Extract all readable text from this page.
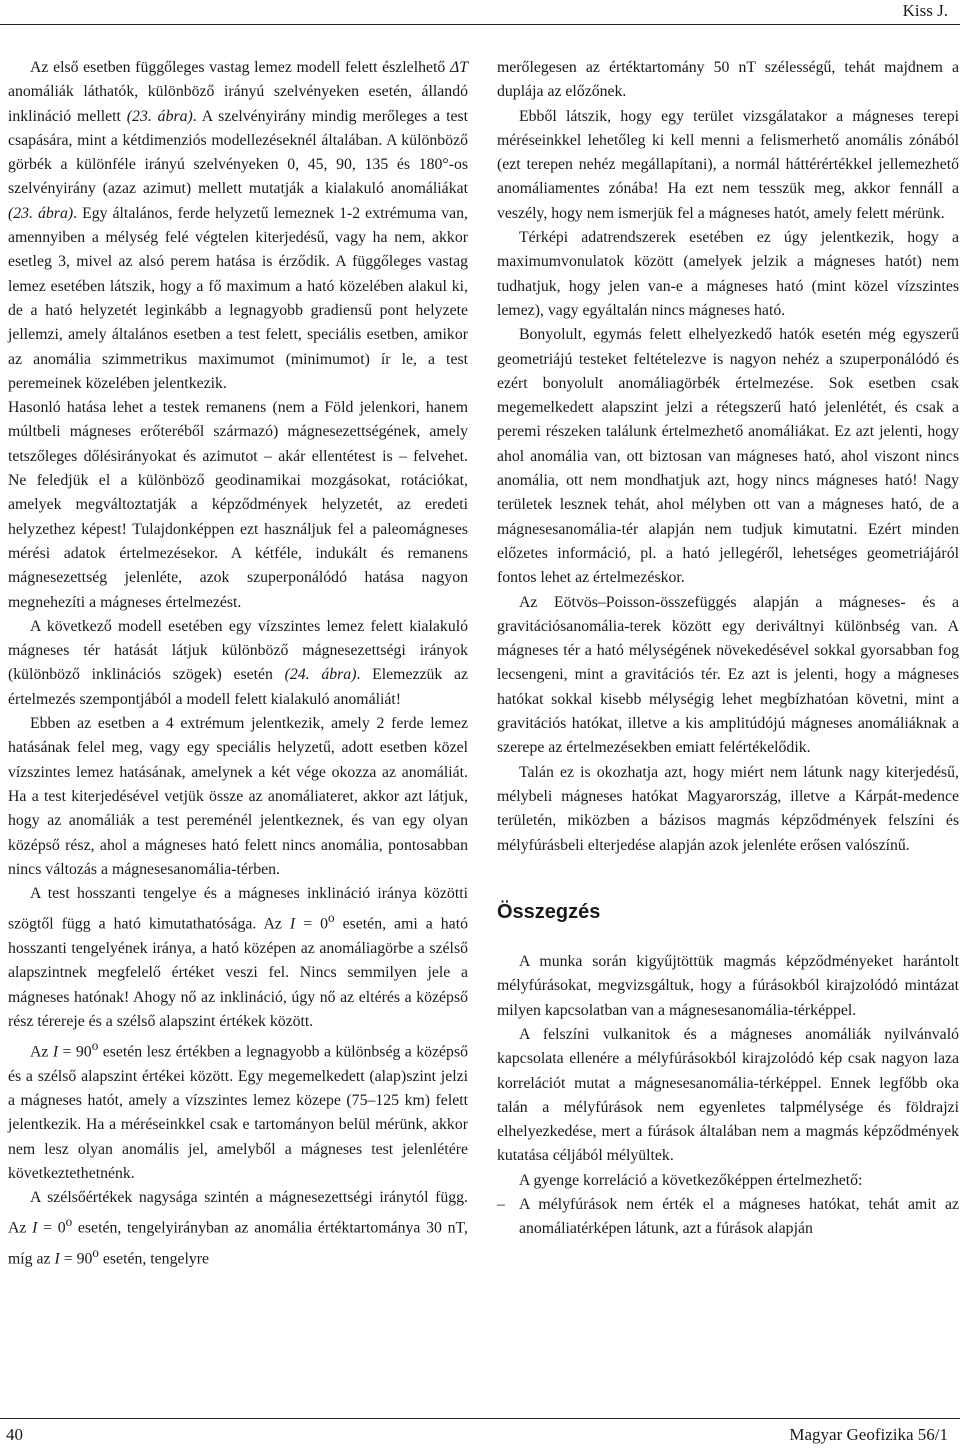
Kiss J.

Az első esetben függőleges vastag lemez modell felett észlelhető ΔT anomáliák láthatók, különböző irányú szelvényeken esetén, állandó inklináció mellett (23. ábra). A szelvényirány mindig merőleges a test csapására, mint a kétdimenziós modellezéseknél általában. A különböző görbék a különféle irányú szelvényeken 0, 45, 90, 135 és 180°-os szelvényirány (azaz azimut) mellett mutatják a kialakuló anomáliákat (23. ábra). Egy általános, ferde helyzetű lemeznek 1-2 extrémuma van, amennyiben a mélység felé végtelen kiterjedésű, vagy ha nem, akkor esetleg 3, mivel az alsó perem hatása is érződik. A függőleges vastag lemez esetében látszik, hogy a fő maximum a ható közelében alakul ki, de a ható helyzetét leginkább a legnagyobb gradiensű pont helyzete jellemzi, amely általános esetben a test felett, speciális esetben, amikor az anomália szimmetrikus maximumot (minimumot) ír le, a test peremeinek közelében jelentkezik.

Hasonló hatása lehet a testek remanens (nem a Föld jelenkori, hanem múltbeli mágneses erőteréből származó) mágnesezettségének, amely tetszőleges dőlésirányokat és azimutot – akár ellentétest is – felvehet. Ne feledjük el a különböző geodinamikai mozgásokat, rotációkat, amelyek megváltoztatják a képződmények helyzetét, az eredeti helyzethez képest! Tulajdonképpen ezt használjuk fel a paleomágneses mérési adatok értelmezésekor. A kétféle, indukált és remanens mágnesezettség jelenléte, azok szuperponálódó hatása nagyon megnehezíti a mágneses értelmezést.

A következő modell esetében egy vízszintes lemez felett kialakuló mágneses tér hatását látjuk különböző mágnesezettségi irányok (különböző inklinációs szögek) esetén (24. ábra). Elemezzük az értelmezés szempontjából a modell felett kialakuló anomáliát!

Ebben az esetben a 4 extrémum jelentkezik, amely 2 ferde lemez hatásának felel meg, vagy egy speciális helyzetű, adott esetben közel vízszintes lemez hatásának, amelynek a két vége okozza az anomáliát. Ha a test kiterjedésével vetjük össze az anomáliateret, akkor azt látjuk, hogy az anomáliák a test pereménél jelentkeznek, és van egy olyan középső rész, ahol a mágneses ható felett nincs anomália, pontosabban nincs változás a mágnesesanomália-térben.

A test hosszanti tengelye és a mágneses inklináció iránya közötti szögtől függ a ható kimutathatósága. Az $I = 0^o$ esetén, ami a ható hosszanti tengelyének iránya, a ható középen az anomáliagörbe a szélső alapszintnek megfelelő értéket veszi fel. Nincs semmilyen jele a mágneses hatónak! Ahogy nő az inklináció, úgy nő az eltérés a középső rész térereje és a szélső alapszint értékek között.

Az $I = 90^o$ esetén lesz értékben a legnagyobb a különbség a középső és a szélső alapszint értékei között. Egy megemelkedett (alap)szint jelzi a mágneses hatót, amely a vízszintes lemez közepe (75–125 km) felett jelentkezik. Ha a méréseinkkel csak e tartományon belül mérünk, akkor nem lesz olyan anomális jel, amelyből a mágneses test jelenlétére következtethetnénk.

A szélsőértékek nagysága szintén a mágnesezettségi iránytól függ. Az $I = 0^o$ esetén, tengelyirányban az anomália értéktartománya 30 nT, míg az $I = 90^o$ esetén, tengelyre

merőlegesen az értéktartomány 50 nT szélességű, tehát majdnem a duplája az előzőnek.

Ebből látszik, hogy egy terület vizsgálatakor a mágneses terepi méréseinkkel lehetőleg ki kell menni a felismerhető anomális zónából (ezt terepen nehéz megállapítani), a normál háttérértékkel jellemezhető anomáliamentes zónába! Ha ezt nem tesszük meg, akkor fennáll a veszély, hogy nem ismerjük fel a mágneses hatót, amely felett mérünk.

Térképi adatrendszerek esetében ez úgy jelentkezik, hogy a maximumvonulatok között (amelyek jelzik a mágneses hatót) nem tudhatjuk, hogy jelen van-e a mágneses ható (mint közel vízszintes lemez), vagy egyáltalán nincs mágneses ható.

Bonyolult, egymás felett elhelyezkedő hatók esetén még egyszerű geometriájú testeket feltételezve is nagyon nehéz a szuperponálódó és ezért bonyolult anomáliagörbék értelmezése. Sok esetben csak megemelkedett alapszint jelzi a rétegszerű ható jelenlétét, és csak a peremi részeken találunk értelmezhető anomáliákat. Ez azt jelenti, hogy ahol anomália van, ott biztosan van mágneses ható, ahol viszont nincs anomália, ott nem mondhatjuk azt, hogy nincs mágneses ható! Nagy területek lesznek tehát, ahol mélyben ott van a mágneses ható, de a mágnesesanomália-tér alapján nem tudjuk kimutatni. Ezért minden előzetes információ, pl. a ható jellegéről, lehetséges geometriájáról fontos lehet az értelmezéskor.

Az Eötvös–Poisson-összefüggés alapján a mágneses- és a gravitációsanomália-terek között egy deriváltnyi különbség van. A mágneses tér a ható mélységének növekedésével sokkal gyorsabban fog lecsengeni, mint a gravitációs tér. Ez azt is jelenti, hogy a mágneses hatókat sokkal kisebb mélységig lehet megbízhatóan követni, mint a gravitációs hatókat, illetve a kis amplitúdójú mágneses anomáliáknak a szerepe az értelmezésekben emiatt felértékelődik.

Talán ez is okozhatja azt, hogy miért nem látunk nagy kiterjedésű, mélybeli mágneses hatókat Magyarország, illetve a Kárpát-medence területén, miközben a bázisos magmás képződmények felszíni és mélyfúrásbeli elterjedése alapján azok jelenléte erősen valószínű.

Összegzés

A munka során kigyűjtöttük magmás képződményeket harántolt mélyfúrásokat, megvizsgáltuk, hogy a fúrásokból kirajzolódó mintázat milyen kapcsolatban van a mágnesesanomália-térképpel.

A felszíni vulkanitok és a mágneses anomáliák nyilvánvaló kapcsolata ellenére a mélyfúrásokból kirajzolódó kép csak nagyon laza korrelációt mutat a mágnesesanomália-térképpel. Ennek legfőbb oka talán a mélyfúrások nem egyenletes talpmélysége és földrajzi elhelyezkedése, mert a fúrások általában nem a magmás képződmények kutatása céljából mélyültek.

A gyenge korreláció a következőképpen értelmezhető:

– A mélyfúrások nem érték el a mágneses hatókat, tehát amit az anomáliatérképen látunk, azt a fúrások alapján
40	Magyar Geofizika 56/1
